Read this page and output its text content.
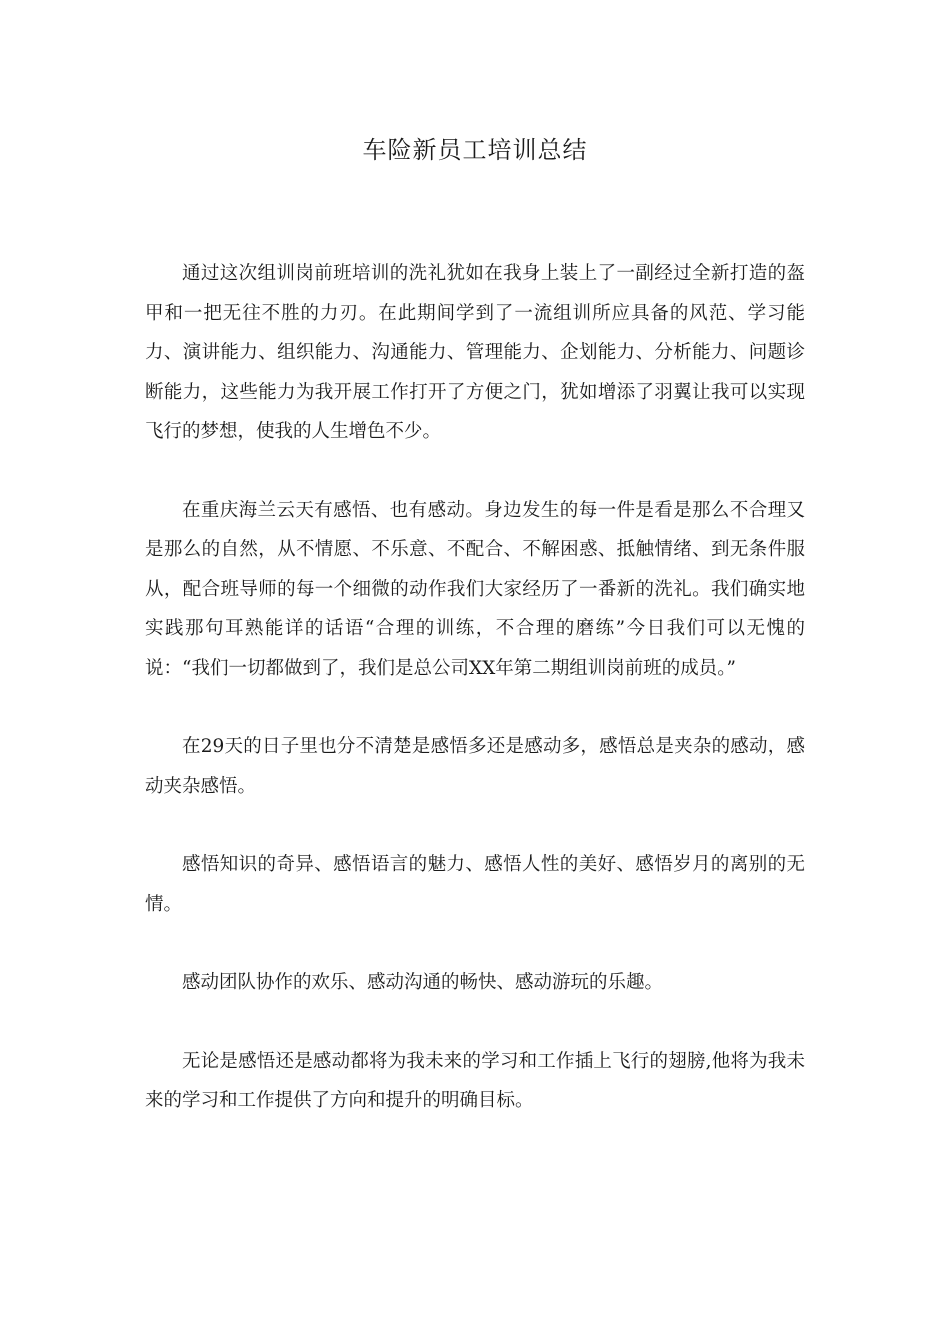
车险新员工培训总结

通过这次组训岗前班培训的洗礼犹如在我身上装上了一副经过全新打造的盔甲和一把无往不胜的力刃。在此期间学到了一流组训所应具备的风范、学习能力、演讲能力、组织能力、沟通能力、管理能力、企划能力、分析能力、问题诊断能力，这些能力为我开展工作打开了方便之门，犹如增添了羽翼让我可以实现飞行的梦想，使我的人生增色不少。

在重庆海兰云天有感悟、也有感动。身边发生的每一件是看是那么不合理又是那么的自然，从不情愿、不乐意、不配合、不解困惑、抵触情绪、到无条件服从，配合班导师的每一个细微的动作我们大家经历了一番新的洗礼。我们确实地实践那句耳熟能详的话语“合理的训练，不合理的磨练”今日我们可以无愧的说：“我们一切都做到了，我们是总公司XX年第二期组训岗前班的成员。”

在29天的日子里也分不清楚是感悟多还是感动多，感悟总是夹杂的感动，感动夹杂感悟。

感悟知识的奇异、感悟语言的魅力、感悟人性的美好、感悟岁月的离别的无情。

感动团队协作的欢乐、感动沟通的畅快、感动游玩的乐趣。

无论是感悟还是感动都将为我未来的学习和工作插上飞行的翅膀,他将为我未来的学习和工作提供了方向和提升的明确目标。
